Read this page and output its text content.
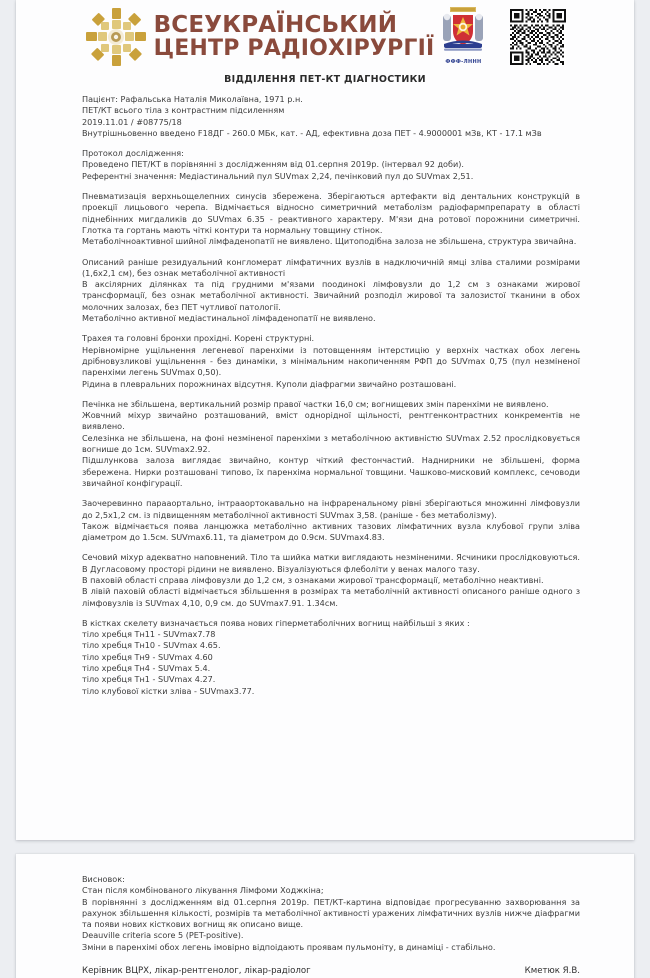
ВСЕУКРАЇНСЬКИЙ
ЦЕНТР РАДІОХІРУРГІЇ
ФФФ-ЛННН
ВІДДІЛЕННЯ ПЕТ-КТ ДІАГНОСТИКИ

Пацієнт: Рафальська Наталія Миколаївна, 1971 р.н.

ПЕТ/КТ всього тіла з контрастним підсиленням

2019.11.01 / #08775/18

Внутрішньовенно введено F18ДГ - 260.0 МБк, кат. - АД, ефективна доза ПЕТ - 4.9000001 мЗв, КТ - 17.1 мЗв

Протокол дослідження:

Проведено ПЕТ/КТ в порівнянні з дослідженням від 01.серпня 2019р. (інтервал 92 доби).

Референтні значення: Медіастинальний пул SUVmax 2,24, печінковий пул до SUVmax 2,51.

Пневматизація верхньощелепних синусів збережена. Зберігаються артефакти від дентальних конструкцій в проекції лицьового черепа. Відмічається відносно симетричний метаболізм радіофармпрепарату в області піднебінних мигдаликів до SUVmax 6.35 - реактивного характеру. М'язи дна ротової порожнини симетричні. Глотка та гортань мають чіткі контури та нормальну товщину стінок.

Метаболічноактивної шийної лімфаденопатії не виявлено. Щитоподібна залоза не збільшена, структура звичайна.

Описаний раніше резидуальний конгломерат лімфатичних вузлів в надключичній ямці зліва сталими розмірами (1,6х2,1 см), без ознак метаболічної активності

В аксілярних ділянках та під грудними м'язами поодинокі лімфовузли до 1,2 см з ознаками жирової трансформації, без ознак метаболічної активності. Звичайний розподіл жирової та залозистої тканини в обох молочних залозах, без ПЕТ чутливої патології.

Метаболічно активної медіастинальної лімфаденопатії не виявлено.

Трахея та головні бронхи прохідні. Корені структурні.

Нерівномірне ущільнення легеневої паренхіми із потовщенням інтерстицію у верхніх частках обох легень дрібновузликові ущільнення - без динаміки, з мінімальним накопиченням РФП до SUVmax 0,75 (пул незміненої паренхіми легень SUVmax 0,50).

Рідина в плевральних порожнинах відсутня. Куполи діафрагми звичайно розташовані.

Печінка не збільшена, вертикальний розмір правої частки 16,0 см; вогнищевих змін паренхіми не виявлено.

Жовчний міхур звичайно розташований, вміст однорідної щільності, рентгенконтрастних конкрементів не виявлено.

Селезінка не збільшена, на фоні незміненої паренхіми з метаболічною активністю SUVmax 2.52 прослідковується вогнише до 1см. SUVmax2.92.

Підшлункова залоза виглядає звичайно, контур чіткий фестончастий. Наднирники не збільшені, форма збережена. Нирки розташовані типово, їх паренхіма нормальної товщини. Чашково-мисковий комплекс, сечоводи звичайної конфігурації.

Заочеревинно парааортально, інтрааортокавально на інфраренальному рівні зберігаються множинні лімфовузли до 2,5х1,2 см. із підвищенням метаболічної активності SUVmax 3,58. (раніше - без метаболізму).

Також відмічається поява ланцюжка метаболічно активних тазових лімфатичних вузла клубової групи зліва діаметром до 1.5см. SUVmax6.11, та діаметром до 0.9см. SUVmax4.83.

Сечовий міхур адекватно наповнений. Тіло та шийка матки виглядають незміненими. Ясчиники прослідковуються. В Дугласовому просторі рідини не виявлено. Візуалізуються флеболіти у венах малого тазу.

В паховій області справа лімфовузли до 1,2 см, з ознаками жирової трансформації, метаболічно неактивні.

В лівій паховій області відмічається збільшення в розмірах та метаболічній активності описаного раніше одного з лімфовузлів із SUVmax 4,10, 0,9 см. до SUVmax7.91. 1.34см.

В кістках скелету визначається поява нових гіперметаболічних вогнищ найбільші з яких :

тіло хребця Тн11 - SUVmax7.78

тіло хребця Тн10 - SUVmax 4.65.

тіло хребця Тн9 - SUVmax 4.60

тіло хребця Тн4 - SUVmax 5.4.

тіло хребця Тн1 - SUVmax 4.27.

тіло клубової кістки зліва - SUVmax3.77.

Висновок:

Стан після комбінованого лікування Лімфоми Ходжкіна;

В порівнянні з дослідженням від 01.серпня 2019р. ПЕТ/КТ-картина відповідає прогресуванню захворювання за рахунок збільшення кількості, розмірів та метаболічної активності уражених лімфатичних вузлів нижче діафрагми та появи нових кісткових вогнищ як описано вище.

Deauville criteria score 5 (PET-positive).

Зміни в паренхімі обох легень імовірно відпоідають проявам пульмоніту, в динаміці - стабільно.

Керівник ВЦРХ, лікар-рентгенолог, лікар-радіолог	Кметюк Я.В.
